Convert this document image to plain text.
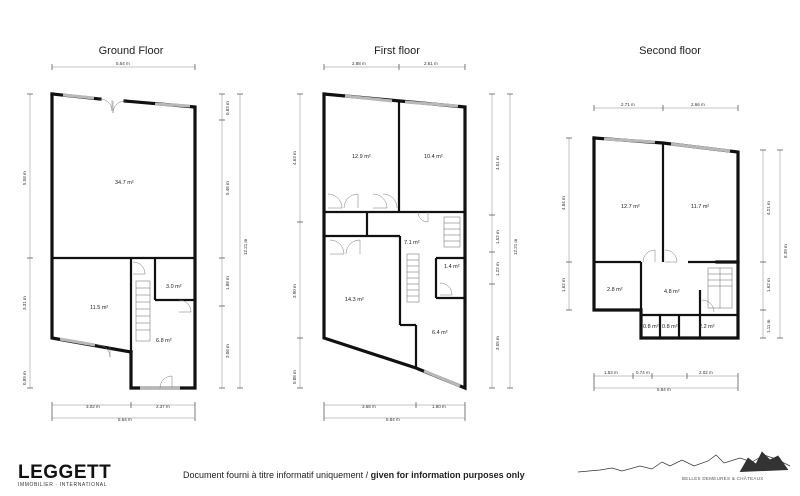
Ground Floor	First floor	Second floor
5.54 m
5.58 m
3.31 m
0.89 m
0.83 m
5.46 m
1.88 m
3.06 m
12.21 m
3.02 m	2.37 m
5.64 m
34.7 m²
11.5 m²
3.0 m²
6.8 m²
2.88 m	2.51 m
4.63 m
3.90 m
0.88 m
4.51 m
1.52 m
1.22 m
3.55 m
12.21 m
3.68 m	1.80 m
5.84 m
12.9 m²	10.4 m²
7.1 m²
1.4 m²
14.3 m²
6.4 m²
2.71 m	2.66 m
4.84 m
1.62 m
4.21 m
1.62 m
1.11 m
8.39 m
1.53 m	0.74 m	2.02 m
5.84 m
12.7 m²	11.7 m²
2.8 m²	4.8 m²
0.8 m² 0.8 m²	2.2 m²
LEGGETT
IMMOBILIER · INTERNATIONAL
Document fourni à titre informatif uniquement / given for information purposes only	BELLES DEMEURES & CHÂTEAUX
